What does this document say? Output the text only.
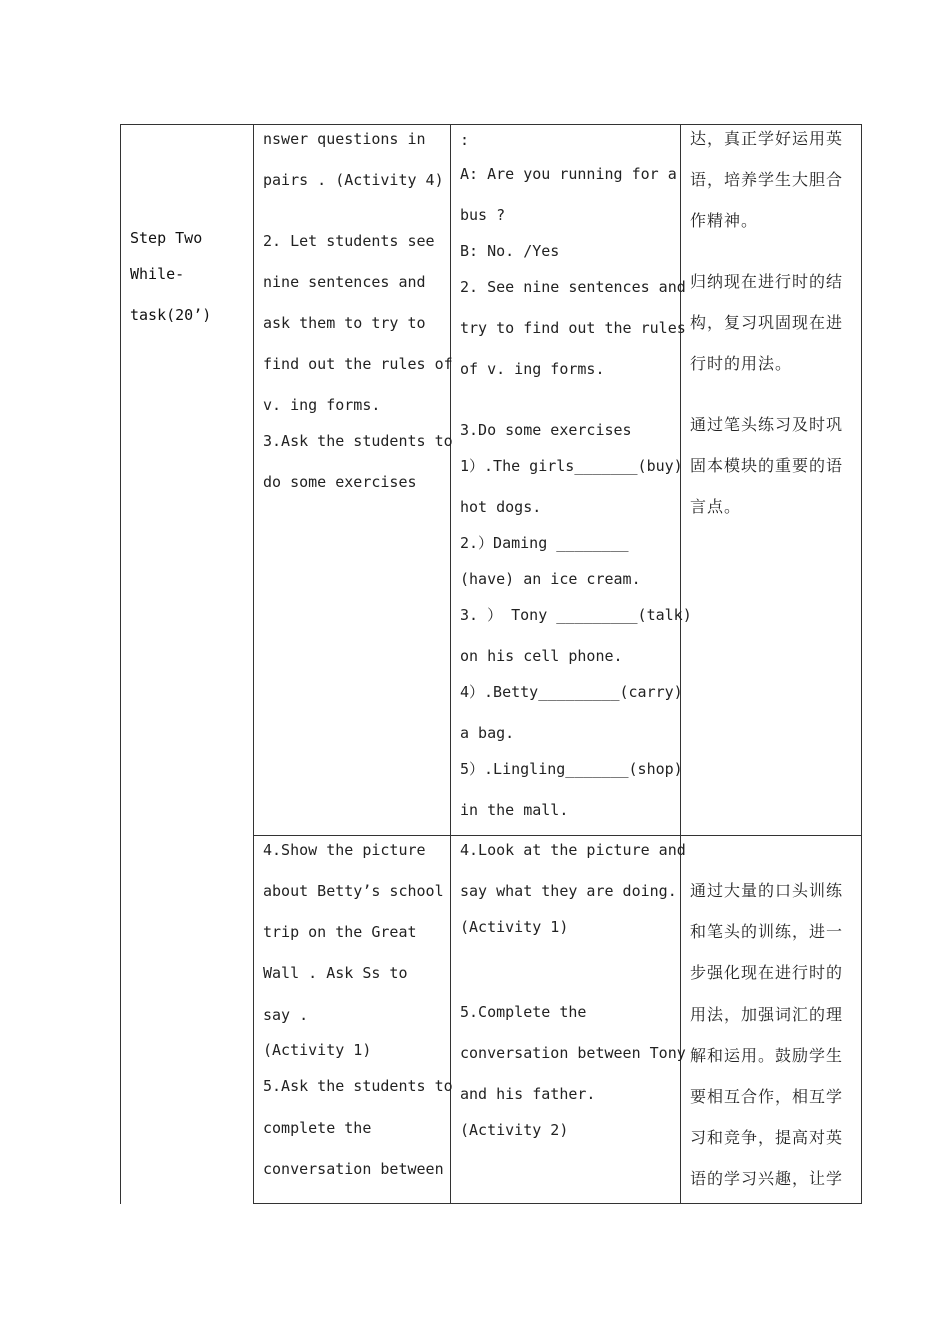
Step Two
While-
task(20’)
nswer questions in
pairs . (Activity 4)
2. Let students see
nine sentences and
ask them to try to
find out the rules of
v. ing forms.
3.Ask the students to
do some exercises
:
A: Are you running for a
bus ?
B: No. /Yes
2. See nine sentences and
try to find out the rules
of v. ing forms.
3.Do some exercises
1）.The girls_______(buy)
hot dogs.
2.）Daming ________
(have) an ice cream.
3. ） Tony _________(talk)
on his cell phone.
4）.Betty_________(carry)
a bag.
5）.Lingling_______(shop)
in the mall.
达，真正学好运用英
语，培养学生大胆合
作精神。
归纳现在进行时的结
构，复习巩固现在进
行时的用法。
通过笔头练习及时巩
固本模块的重要的语
言点。
4.Show the picture
about Betty’s school
trip on the Great
Wall . Ask Ss to
say .
(Activity 1)
5.Ask the students to
complete the
conversation between
4.Look at the picture and
say what they are doing.
(Activity 1)
5.Complete the
conversation between Tony
and his father.
(Activity 2)
通过大量的口头训练
和笔头的训练，进一
步强化现在进行时的
用法，加强词汇的理
解和运用。鼓励学生
要相互合作，相互学
习和竞争，提高对英
语的学习兴趣，让学
